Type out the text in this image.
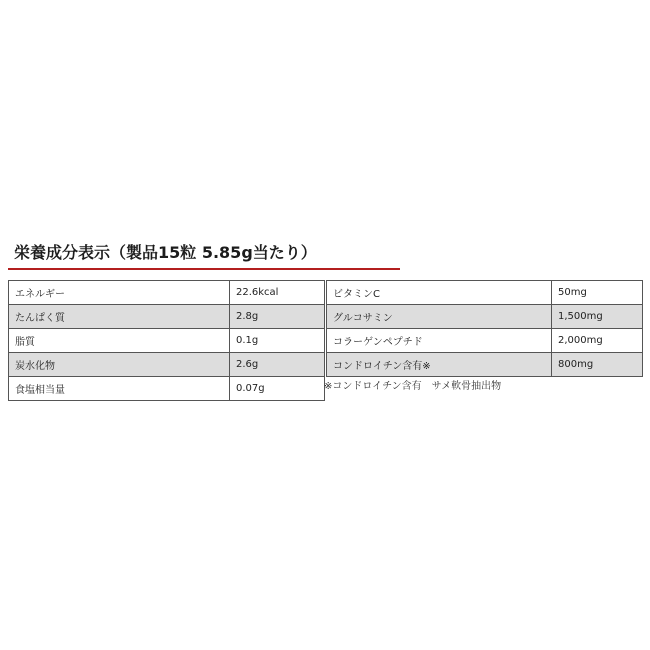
栄養成分表示（製品15粒 5.85g当たり）
エネルギー	22.6kcal
たんぱく質	2.8g
脂質	0.1g
炭水化物	2.6g
食塩相当量	0.07g
ビタミンC	50mg
グルコサミン	1,500mg
コラーゲンペプチド	2,000mg
コンドロイチン含有※	800mg
※コンドロイチン含有　サメ軟骨抽出物
